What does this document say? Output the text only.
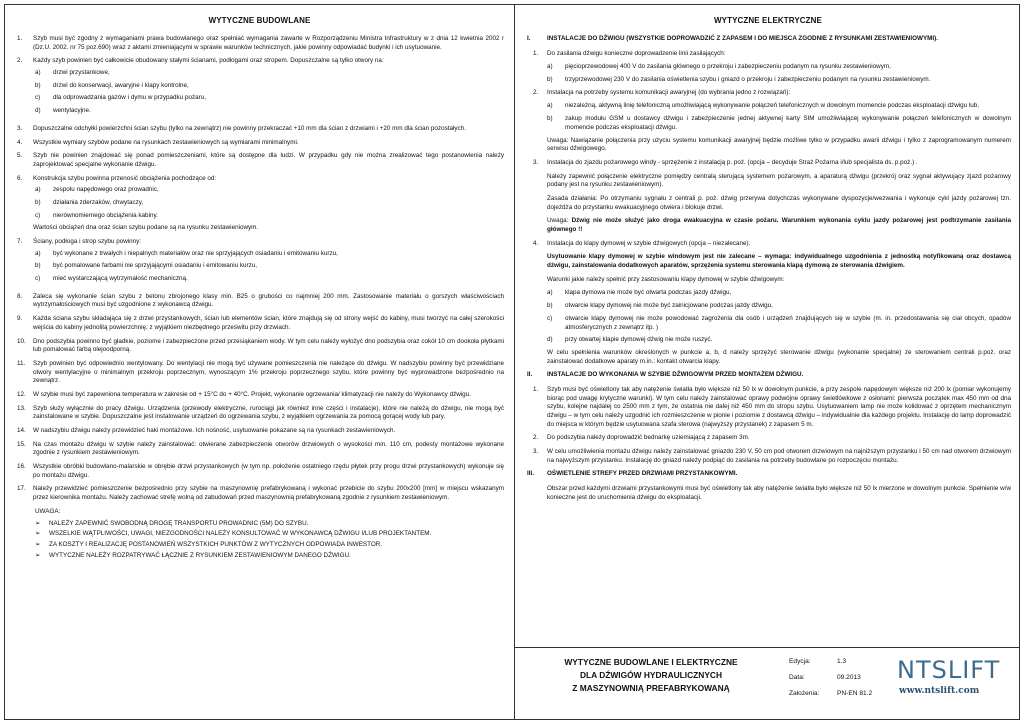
WYTYCZNE BUDOWLANE
1.	Szyb musi być zgodny z wymaganiami prawa budowlanego oraz spełniać wymagania zawarte w Rozporządzeniu Ministra Infrastruktury w z dnia 12 kwietnia 2002 r (Dz.U. 2002. nr 75 poz.690) wraz z aktami zmieniającymi w sprawie warunków technicznych, jakie powinny odpowiadać budynki i ich usytuowanie.
2.	Każdy szyb powinien być całkowicie obudowany stałymi ścianami, podłogami oraz stropem. Dopuszczalne są tylko otwory na:
a)	drzwi przystankowe,
b)	drzwi do konserwacji, awaryjne i klapy kontrolne,
c)	dla odprowadzania gazów i dymu w przypadku pożaru,
d)	wentylacyjne.
3.	Dopuszczalne odchyłki powierzchni ścian szybu (tylko na zewnątrz) nie powinny przekraczać +10 mm dla ścian z drzwiami i +20 mm dla ścian pozostałych.
4.	Wszystkie wymiary szybów podane na rysunkach zestawieniowych są wymiarami minimalnymi.
5.	Szyb nie powinien znajdować się ponad pomieszczeniami, które są dostępne dla ludzi. W przypadku gdy nie można zrealizować tego postanowienia należy zaprojektować specjalne wykonanie dźwigu.
6.	Konstrukcja szybu powinna przenosić obciążenia pochodzące od:
a)	zespołu napędowego oraz prowadnic,
b)	działania zderzaków, chwytaczy,
c)	nierównomiernego obciążenia kabiny.
Wartości obciążeń dna oraz ścian szybu podane są na rysunku zestawieniowym.
7.	Ściany, podłoga i strop szybu powinny:
a)	być wykonane z trwałych i niepalnych materiałów oraz nie sprzyjających osiadaniu i emitowaniu kurzu,
b)	być pomalowane farbami nie sprzyjającymi osiadaniu i emitowaniu kurzu,
c)	mieć wystarczającą wytrzymałość mechaniczną.
8.	Zaleca się wykonanie ścian szybu z betonu zbrojonego klasy min. B25 o grubości co najmniej 200 mm. Zastosowanie materiału o gorszych właściwościach wytrzymałościowych musi być uzgodnione z wykonawcą dźwigu.
9.	Każda ściana szybu składająca się z drzwi przystankowych, ścian lub elementów ścian, które znajdują się od strony wejść do kabiny, musi tworzyć na całej szerokości wejścia do kabiny jednolitą powierzchnię, z wyjątkiem niezbędnego prześwitu przy drzwiach.
10.	Dno podszybia powinno być gładkie, poziome i zabezpieczone przed przesiąkaniem wody. W tym celu należy wyłożyć dno podszybia oraz cokół 10 cm dookoła płytkami lub pomalować farbą olejoodporną.
11.	Szyb powinien być odpowiednio wentylowany. Do wentylacji nie mogą być używane pomieszczenia nie należące do dźwigu. W nadszybiu powinny być przewidziane otwory wentylacyjne o minimalnym przekroju poprzecznym, wynoszącym 1% przekroju poprzecznego szybu, które powinny być wyprowadzone bezpośrednio na zewnątrz.
12.	W szybie musi być zapewniona temperatura w zakresie od + 15°C do + 40°C. Projekt, wykonanie ogrzewania/ klimatyzacji nie należy do Wykonawcy dźwigu.
13.	Szyb służy wyłącznie do pracy dźwigu. Urządzenia (przewody elektryczne, rurociągi jak również inne części i instalacje), które nie należą do dźwigu, nie mogą być zainstalowane w szybie. Dopuszczalne jest instalowanie urządzeń do ogrzewania szybu, z wyjątkiem ogrzewania za pomocą gorącej wody lub pary.
14.	W nadszybiu dźwigu należy przewidzieć haki montażowe. Ich nośność, usytuowanie pokazane są na rysunkach zestawieniowych.
15.	Na czas montażu dźwigu w szybie należy zainstalować: otwierane zabezpieczenie otworów drzwiowych o wysokości min. 110 cm, podesty montażowe wykonane zgodnie z rysunkiem zestawieniowym.
16.	Wszystkie obróbki budowlano-malarskie w obrębie drzwi przystankowych (w tym np. położenie ostatniego rzędu płytek przy progu drzwi przystankowych) wykonuje się po montażu dźwigu.
17.	Należy przewidzieć pomieszczenie bezpośrednio przy szybie na maszynownię prefabrykowaną i wykonać przebicie do szybu 200x200 [mm] w miejscu wskazanym przez kierownika montażu. Należy zachować strefę wolną od zabudowań przed maszynownią prefabrykowaną zgodnie z rysunkiem zestawieniowym.
UWAGA:
➢	NALEŻY ZAPEWNIĆ SWOBODNĄ DROGĘ TRANSPORTU PROWADNIC (5M) DO SZYBU.
➢	WSZELKIE WĄTPLIWOŚCI, UWAGI, NIEZGODNOŚCI NALEŻY KONSULTOWAĆ W WYKONAWCĄ DŹWIGU I/LUB PROJEKTANTEM.
➢	ZA KOSZTY I REALIZACJĘ POSTANOWIEŃ WSZYSTKICH PUNKTÓW Z WYTYCZNYCH ODPOWIADA INWESTOR.
➢	WYTYCZNE NALEŻY ROZPATRYWAĆ ŁĄCZNIE Z RYSUNKIEM ZESTAWIENIOWYM DANEGO DŹWIGU.
WYTYCZNE ELEKTRYCZNE
I.	INSTALACJE DO DŹWIGU (WSZYSTKIE DOPROWADZIĆ Z ZAPASEM I DO MIEJSCA ZGODNIE Z RYSUNKAMI ZESTAWIENIOWYMI).
1.	Do zasilania dźwigu konieczne doprowadzenie linii zasilających:
a)	pięcioprzewodowej 400 V do zasilania głównego o przekroju i zabezpieczeniu podanym na rysunku zestawieniowym,
b)	trzyprzewodowej 230 V do zasilania oświetlenia szybu i gniazd o przekroju i zabezpieczeniu podanym na rysunku zestawieniowym.
2.	Instalacja na potrzeby systemu komunikacji awaryjnej (do wybrania jedno z rozwiązań):
a)	niezależną, aktywną linię telefoniczną umożliwiającą wykonywanie połączeń telefonicznych w dowolnym momencie podczas eksploatacji dźwigu lub,
b)	zakup modułu GSM u dostawcy dźwigu i zabezpieczenie jednej aktywnej karty SIM umożliwiającej wykonywanie połączeń telefonicznych w dowolnym momencie podczas eksploatacji dźwigu.

Uwaga: Nawiązanie połączenia przy użyciu systemu komunikacji awaryjnej będzie możliwe tylko w przypadku awarii dźwigu i tylko z zaprogramowanym numerem serwisu dźwigowego.

3.	Instalacja do zjazdu pożarowego windy - sprzężenie z instalacją p. poż. (opcja – decyduje Straż Pożarna i/lub specjalista ds. p.poż.) .

Należy zapewnić połączenie elektryczne pomiędzy centralą sterującą systemem pożarowym, a aparaturą dźwigu (przekrój oraz sygnał aktywujący zjazd pożarowy podany jest na rysunku zestawieniowym).

Zasada działania: Po otrzymaniu sygnału z centrali p. poż. dźwig przerywa dotychczas wykonywane dyspozycje/wezwania i wykonuje cykl jazdy pożarowej tzn. dojeżdża do przystanku ewakuacyjnego otwiera i blokuje drzwi.

Uwaga: Dźwig nie może służyć jako droga ewakuacyjna w czasie pożaru. Warunkiem wykonania cyklu jazdy pożarowej jest podtrzymanie zasilania głównego !!

4.	Instalacja do klapy dymowej w szybie dźwigowych (opcja – niezalecane).

Usytuowanie klapy dymowej w szybie windowym jest nie zalecane – wymaga: indywidualnego uzgodnienia z jednostką notyfikowaną oraz dostawcą dźwigu, zainstalowania dodatkowych aparatów, sprzężenia systemu sterowania klapą dymową ze sterowania dźwigiem.

Warunki jakie należy spełnić przy zastosowaniu klapy dymowej w szybie dźwigowym:

a)	klapa dymowa nie może być otwarta podczas jazdy dźwigu,
b)	otwarcie klapy dymowej nie może być zainicjowane podczas jazdy dźwigu,
c)	otwarcie klapy dymowej nie może powodować zagrożenia dla osób i urządzeń znajdujących się w szybie (m. in. przedostawania się ciał obcych, opadów atmosferycznych z zewnątrz itp. )
d)	przy otwartej klapie dymowej dźwig nie może ruszyć.

W celu spełnienia warunków określonych w punkcie a, b, d należy sprzężyć sterowanie dźwigu (wykonanie specjalne) ze sterowaniem centrali p.poż. oraz zainstalować dodatkowe aparaty m.in.: kontakt otwarcia klapy.

II.	INSTALACJE DO WYKONANIA W SZYBIE DŹWIGOWYM PRZED MONTAŻEM DŹWIGU.
1.	Szyb musi być oświetlony tak aby natężenie światła było większe niż 50 lx w dowolnym punkcie, a przy zespole napędowym większe niż 200 lx (pomiar wykonujemy biorąc pod uwagę krytyczne warunki). W tym celu należy zainstalować oprawy podwójne oprawy świetlówkowe z osłonami: pierwsza początek max 450 mm od dna szybu, kolejne najdalej co 2500 mm z tym, że ostatnia nie dalej niż 450 mm do stropu szybu. Usytuowaniem lamp nie może kolidować z oprzętem mechanicznym dźwigu – w tym celu należy uzgodnić ich rozmieszczenie w pionie i poziomie z dostawcą dźwigu – indywidualnie dla każdego projektu. Instalację do lamp doprowadzić do miejsca w którym będzie usytuowana szafa sterowa (najwyższy przystanek) z zapasem 5 m.
2.	Do podszybia należy doprowadzić bednarkę uziemiającą z zapasem 3m.
3.	W celu umożliwienia montażu dźwigu należy zainstalować gniazdo 230 V, 50 cm pod otworem drzwiowym na najniższym przystanku i 50 cm nad otworem drzwiowym na najwyższym przystanku. Instalację do gniazd należy podpiąć do zasilania na potrzeby budowlane po rozpoczęciu montażu.
III.	OŚWIETLENIE STREFY PRZED DRZWIAMI PRZYSTANKOWYMI.

Obszar przed każdymi drzwiami przystankowymi musi być oświetlony tak aby natężenie światła było większe niż 50 lx mierzone w dowolnym punkcie. Spełnienie w/w konieczne jest do uruchomienia dźwigu do eksploatacji.

WYTYCZNE BUDOWLANE I ELEKTRYCZNE
DLA DŹWIGÓW HYDRAULICZNYCH
Z MASZYNOWNIĄ PREFABRYKOWANĄ
Edycja:	1.3
Data:	09.2013
Założenia:	PN-EN 81.2
NTSLIFT
www.ntslift.com
